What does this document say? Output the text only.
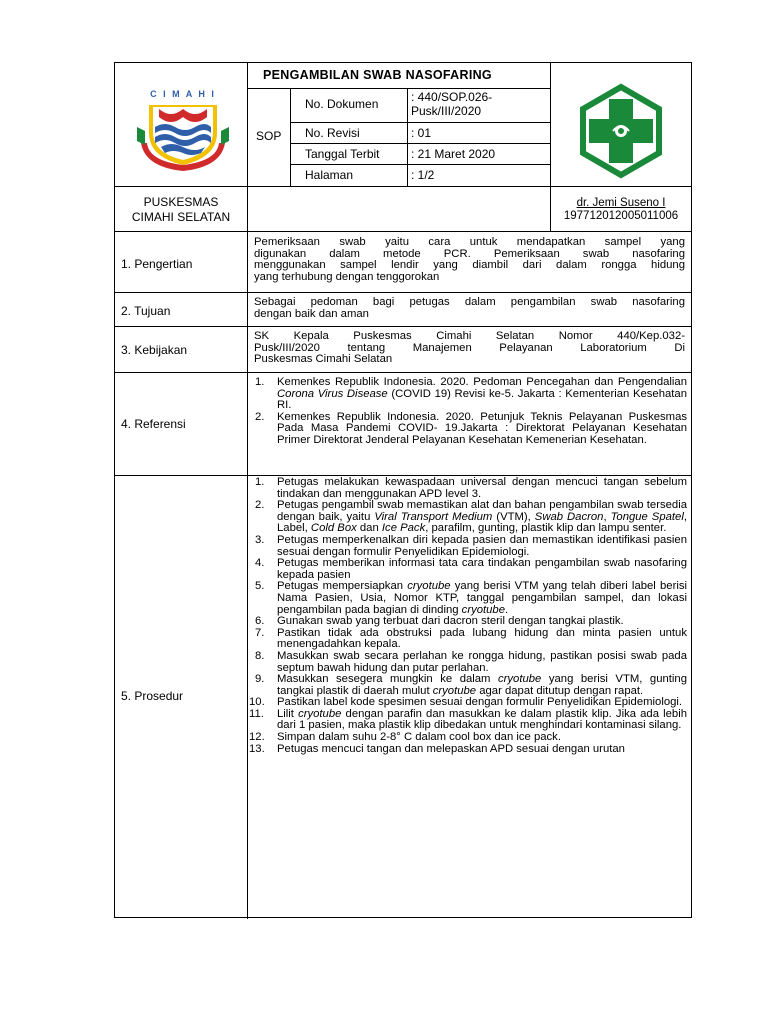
C I M A H I
PENGAMBILAN SWAB NASOFARING
SOP
No. Dokumen	: 440/SOP.026-
Pusk/III/2020
No. Revisi	: 01
Tanggal Terbit	: 21 Maret 2020
Halaman	: 1/2
PUSKESMAS
CIMAHI SELATAN
dr. Jemi Suseno I
197712012005011006
1. Pengertian
Pemeriksaan swab yaitu cara untuk mendapatkan sampel yang
digunakan dalam metode PCR. Pemeriksaan swab nasofaring
menggunakan sampel lendir yang diambil dari dalam rongga hidung
yang terhubung dengan tenggorokan
2. Tujuan
Sebagai pedoman bagi petugas dalam pengambilan swab nasofaring
dengan baik dan aman
3. Kebijakan
SK Kepala Puskesmas Cimahi Selatan Nomor 440/Kep.032-
Pusk/III/2020 tentang Manajemen Pelayanan Laboratorium Di
Puskesmas Cimahi Selatan
4. Referensi
1. Kemenkes Republik Indonesia. 2020. Pedoman Pencegahan dan Pengendalian Corona Virus Disease (COVID 19) Revisi ke-5. Jakarta : Kementerian Kesehatan RI.
2. Kemenkes Republik Indonesia. 2020. Petunjuk Teknis Pelayanan Puskesmas Pada Masa Pandemi COVID- 19.Jakarta : Direktorat Pelayanan Kesehatan Primer Direktorat Jenderal Pelayanan Kesehatan Kemenerian Kesehatan.
5. Prosedur
1. Petugas melakukan kewaspadaan universal dengan mencuci tangan sebelum tindakan dan menggunakan APD level 3.
2. Petugas pengambil swab memastikan alat dan bahan pengambilan swab tersedia dengan baik, yaitu Viral Transport Medium (VTM), Swab Dacron, Tongue Spatel, Label, Cold Box dan Ice Pack, parafilm, gunting, plastik klip dan lampu senter.
3. Petugas memperkenalkan diri kepada pasien dan memastikan identifikasi pasien sesuai dengan formulir Penyelidikan Epidemiologi.
4. Petugas memberikan informasi tata cara tindakan pengambilan swab nasofaring kepada pasien
5. Petugas mempersiapkan cryotube yang berisi VTM yang telah diberi label berisi Nama Pasien, Usia, Nomor KTP, tanggal pengambilan sampel, dan lokasi pengambilan pada bagian di dinding cryotube.
6. Gunakan swab yang terbuat dari dacron steril dengan tangkai plastik.
7. Pastikan tidak ada obstruksi pada lubang hidung dan minta pasien untuk menengadahkan kepala.
8. Masukkan swab secara perlahan ke rongga hidung, pastikan posisi swab pada septum bawah hidung dan putar perlahan.
9. Masukkan sesegera mungkin ke dalam cryotube yang berisi VTM, gunting tangkai plastik di daerah mulut cryotube agar dapat ditutup dengan rapat.
10. Pastikan label kode spesimen sesuai dengan formulir Penyelidikan Epidemiologi.
11. Lilit cryotube dengan parafin dan masukkan ke dalam plastik klip. Jika ada lebih dari 1 pasien, maka plastik klip dibedakan untuk menghindari kontaminasi silang.
12. Simpan dalam suhu 2-8° C dalam cool box dan ice pack.
13. Petugas mencuci tangan dan melepaskan APD sesuai dengan urutan
